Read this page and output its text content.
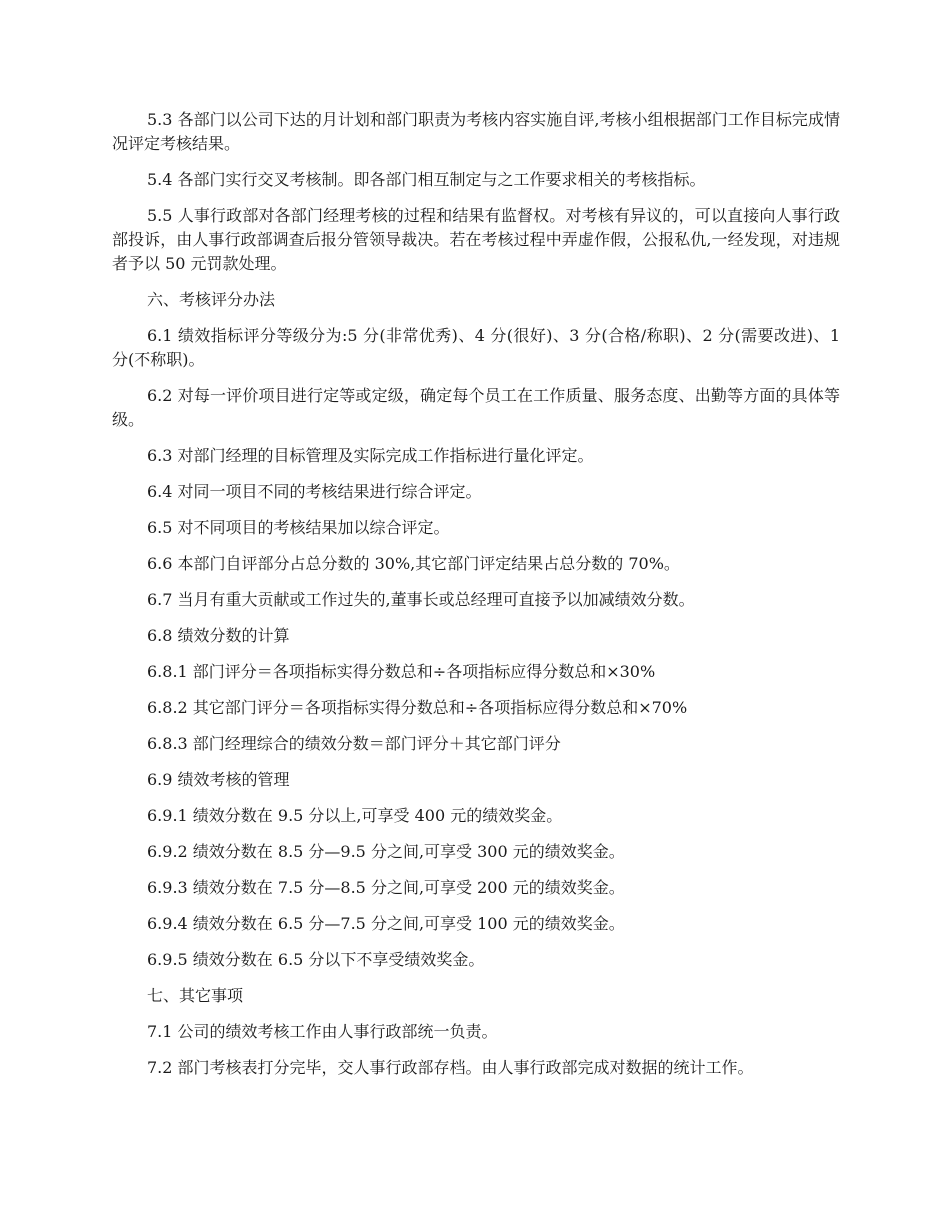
5.3 各部门以公司下达的月计划和部门职责为考核内容实施自评,考核小组根据部门工作目标完成情况评定考核结果。

5.4 各部门实行交叉考核制。即各部门相互制定与之工作要求相关的考核指标。

5.5 人事行政部对各部门经理考核的过程和结果有监督权。对考核有异议的，可以直接向人事行政部投诉，由人事行政部调查后报分管领导裁决。若在考核过程中弄虚作假，公报私仇,一经发现，对违规者予以 50 元罚款处理。

六、考核评分办法

6.1 绩效指标评分等级分为:5 分(非常优秀)、4 分(很好)、3 分(合格/称职)、2 分(需要改进)、1 分(不称职)。

6.2 对每一评价项目进行定等或定级，确定每个员工在工作质量、服务态度、出勤等方面的具体等级。

6.3 对部门经理的目标管理及实际完成工作指标进行量化评定。

6.4 对同一项目不同的考核结果进行综合评定。

6.5 对不同项目的考核结果加以综合评定。

6.6 本部门自评部分占总分数的 30%,其它部门评定结果占总分数的 70%。

6.7 当月有重大贡献或工作过失的,董事长或总经理可直接予以加减绩效分数。

6.8 绩效分数的计算

6.8.1 部门评分＝各项指标实得分数总和÷各项指标应得分数总和×30%

6.8.2 其它部门评分＝各项指标实得分数总和÷各项指标应得分数总和×70%

6.8.3 部门经理综合的绩效分数＝部门评分＋其它部门评分

6.9 绩效考核的管理

6.9.1 绩效分数在 9.5 分以上,可享受 400 元的绩效奖金。

6.9.2 绩效分数在 8.5 分—9.5 分之间,可享受 300 元的绩效奖金。

6.9.3 绩效分数在 7.5 分—8.5 分之间,可享受 200 元的绩效奖金。

6.9.4 绩效分数在 6.5 分—7.5 分之间,可享受 100 元的绩效奖金。

6.9.5 绩效分数在 6.5 分以下不享受绩效奖金。

七、其它事项

7.1 公司的绩效考核工作由人事行政部统一负责。

7.2 部门考核表打分完毕，交人事行政部存档。由人事行政部完成对数据的统计工作。
